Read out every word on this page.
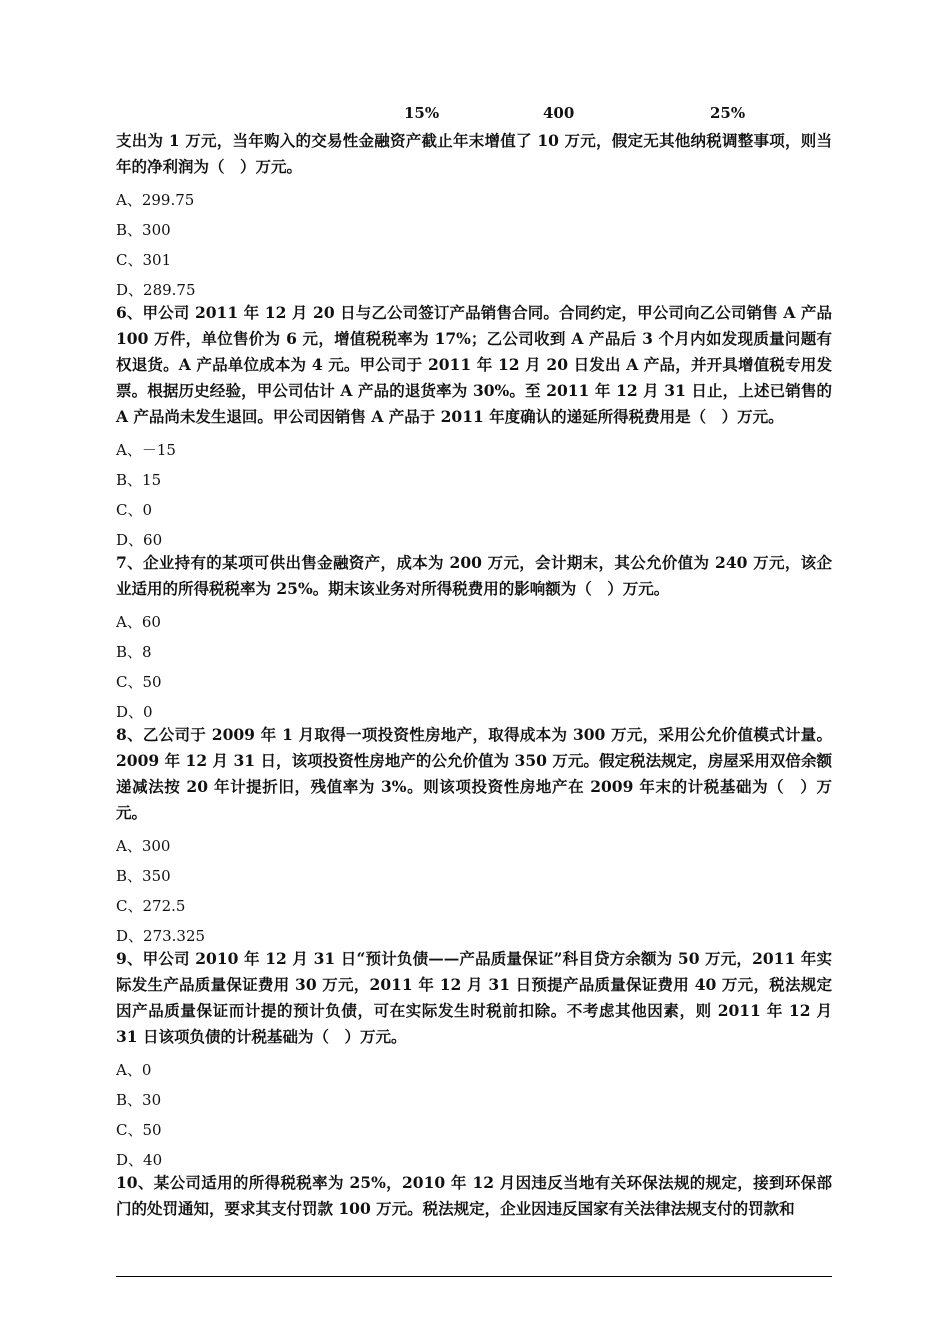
15%	400	25%

支出为 1 万元，当年购入的交易性金融资产截止年末增值了 10 万元，假定无其他纳税调整事项，则当年的净利润为（　）万元。

A、299.75

B、300

C、301

D、289.75

6、甲公司 2011 年 12 月 20 日与乙公司签订产品销售合同。合同约定，甲公司向乙公司销售 A 产品 100 万件，单位售价为 6 元，增值税税率为 17%；乙公司收到 A 产品后 3 个月内如发现质量问题有权退货。A 产品单位成本为 4 元。甲公司于 2011 年 12 月 20 日发出 A 产品，并开具增值税专用发票。根据历史经验，甲公司估计 A 产品的退货率为 30%。至 2011 年 12 月 31 日止，上述已销售的 A 产品尚未发生退回。甲公司因销售 A 产品于 2011 年度确认的递延所得税费用是（　）万元。

A、－15

B、15

C、0

D、60

7、企业持有的某项可供出售金融资产，成本为 200 万元，会计期末，其公允价值为 240 万元，该企业适用的所得税税率为 25%。期末该业务对所得税费用的影响额为（　）万元。

A、60

B、8

C、50

D、0

8、乙公司于 2009 年 1 月取得一项投资性房地产，取得成本为 300 万元，采用公允价值模式计量。2009 年 12 月 31 日，该项投资性房地产的公允价值为 350 万元。假定税法规定，房屋采用双倍余额递减法按 20 年计提折旧，残值率为 3%。则该项投资性房地产在 2009 年末的计税基础为（　）万元。

A、300

B、350

C、272.5

D、273.325

9、甲公司 2010 年 12 月 31 日“预计负债——产品质量保证”科目贷方余额为 50 万元，2011 年实际发生产品质量保证费用 30 万元，2011 年 12 月 31 日预提产品质量保证费用 40 万元，税法规定因产品质量保证而计提的预计负债，可在实际发生时税前扣除。不考虑其他因素，则 2011 年 12 月 31 日该项负债的计税基础为（　）万元。

A、0

B、30

C、50

D、40

10、某公司适用的所得税税率为 25%，2010 年 12 月因违反当地有关环保法规的规定，接到环保部门的处罚通知，要求其支付罚款 100 万元。税法规定，企业因违反国家有关法律法规支付的罚款和
